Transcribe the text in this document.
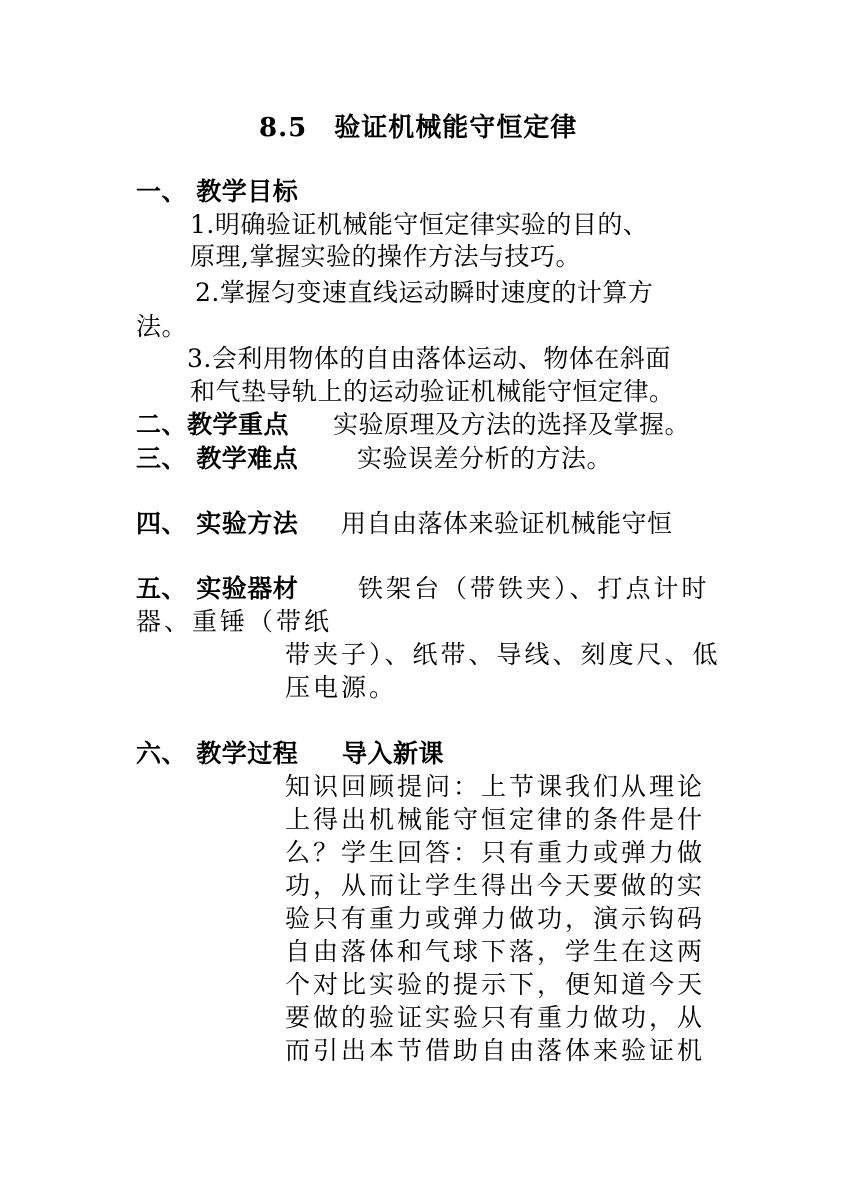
8.5　验证机械能守恒定律
一、 教学目标
1.明确验证机械能守恒定律实验的目的、
原理,掌握实验的操作方法与技巧。
2.掌握匀变速直线运动瞬时速度的计算方
法。
3.会利用物体的自由落体运动、物体在斜面
和气垫导轨上的运动验证机械能守恒定律。
二、教学重点 实验原理及方法的选择及掌握。
三、 教学难点 实验误差分析的方法。
四、 实验方法 用自由落体来验证机械能守恒
五、 实验器材 铁架台（带铁夹）、打点计时
器、重锤（带纸
带夹子）、纸带、导线、刻度尺、低
压电源。
六、 教学过程 导入新课
知识回顾提问：上节课我们从理论
上得出机械能守恒定律的条件是什
么？学生回答：只有重力或弹力做
功，从而让学生得出今天要做的实
验只有重力或弹力做功，演示钩码
自由落体和气球下落，学生在这两
个对比实验的提示下，便知道今天
要做的验证实验只有重力做功，从
而引出本节借助自由落体来验证机
